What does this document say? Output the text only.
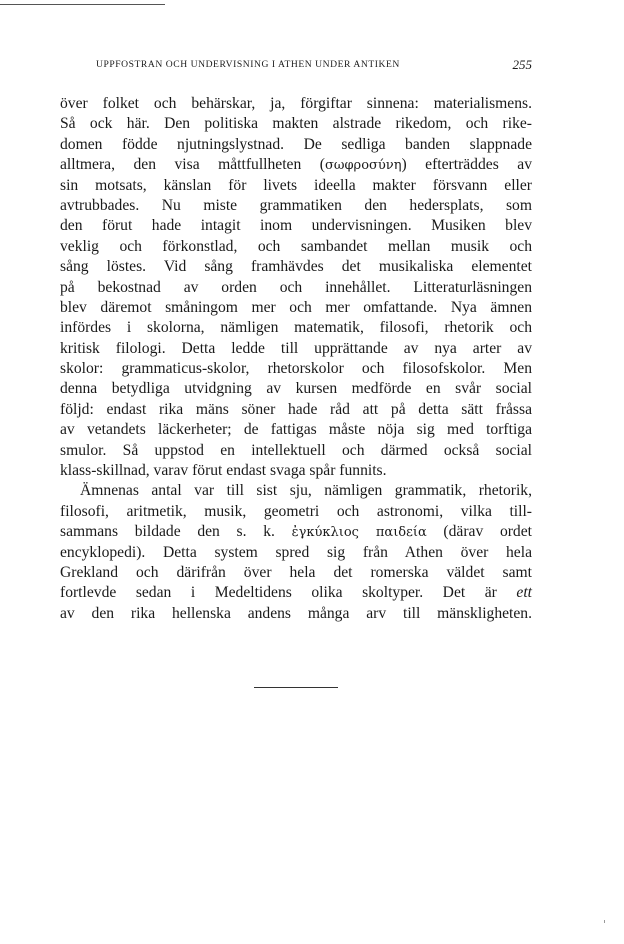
UPPFOSTRAN OCH UNDERVISNING I ATHEN UNDER ANTIKEN	255
över folket och behärskar, ja, förgiftar sinnena: materialismens.
Så ock här. Den politiska makten alstrade rikedom, och rike-
domen födde njutningslystnad. De sedliga banden slappnade
alltmera, den visa måttfullheten (σωφροσύνη) efterträddes av
sin motsats, känslan för livets ideella makter försvann eller
avtrubbades. Nu miste grammatiken den hedersplats, som
den förut hade intagit inom undervisningen. Musiken blev
veklig och förkonstlad, och sambandet mellan musik och
sång löstes. Vid sång framhävdes det musikaliska elementet
på bekostnad av orden och innehållet. Litteraturläsningen
blev däremot småningom mer och mer omfattande. Nya ämnen
infördes i skolorna, nämligen matematik, filosofi, rhetorik och
kritisk filologi. Detta ledde till upprättande av nya arter av
skolor: grammaticus-skolor, rhetorskolor och filosofskolor. Men
denna betydliga utvidgning av kursen medförde en svår social
följd: endast rika mäns söner hade råd att på detta sätt fråssa
av vetandets läckerheter; de fattigas måste nöja sig med torftiga
smulor. Så uppstod en intellektuell och därmed också social
klass-skillnad, varav förut endast svaga spår funnits.
Ämnenas antal var till sist sju, nämligen grammatik, rhetorik,
filosofi, aritmetik, musik, geometri och astronomi, vilka till-
sammans bildade den s. k. ἐγκύκλιος παιδεία (därav ordet
encyklopedi). Detta system spred sig från Athen över hela
Grekland och därifrån över hela det romerska väldet samt
fortlevde sedan i Medeltidens olika skoltyper. Det är ett
av den rika hellenska andens många arv till mänskligheten.
